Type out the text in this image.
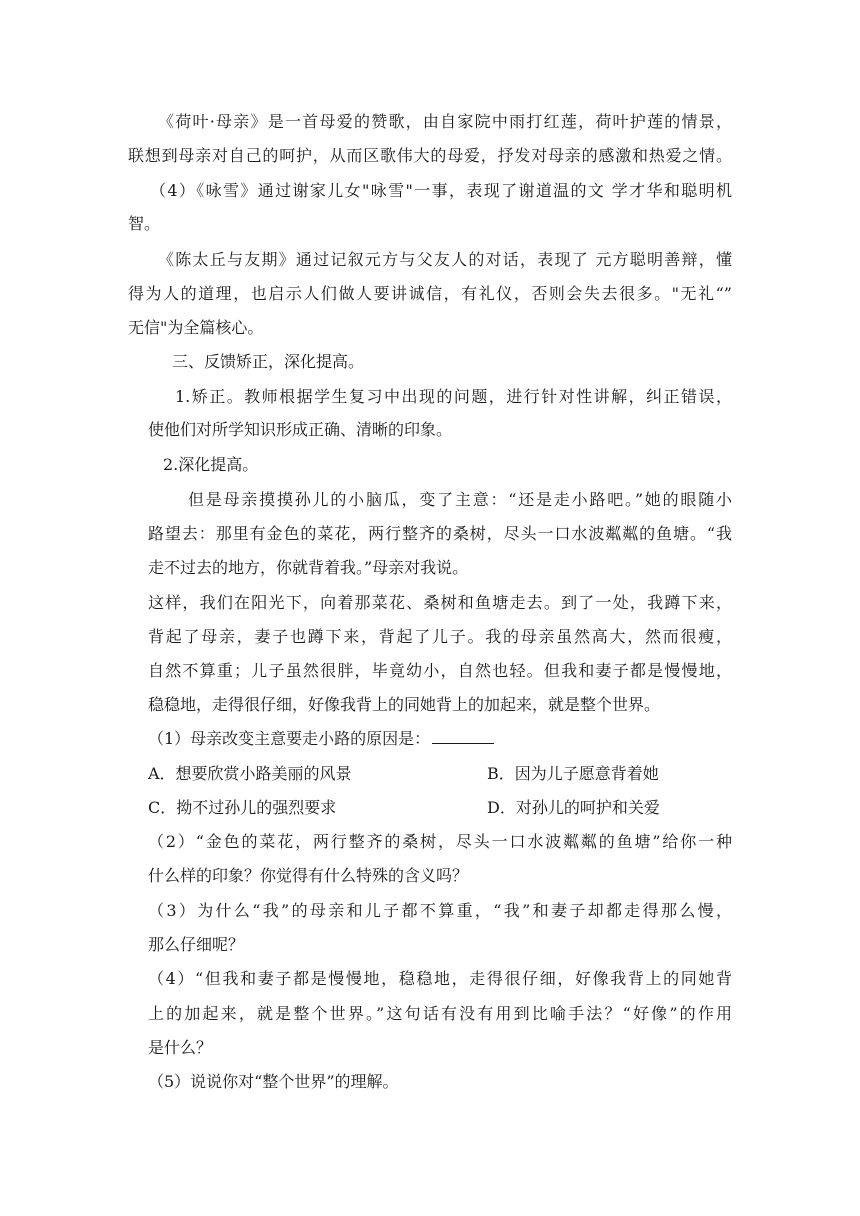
《荷叶·母亲》是一首母爱的赞歌，由自家院中雨打红莲，荷叶护莲的情景，
联想到母亲对自己的呵护，从而区歌伟大的母爱，抒发对母亲的感激和热爱之情。
（4）《咏雪》通过谢家儿女"咏雪"一事，表现了谢道温的文 学才华和聪明机
智。
《陈太丘与友期》通过记叙元方与父友人的对话，表现了 元方聪明善辩，懂
得为人的道理，也启示人们做人要讲诚信，有礼仪，否则会失去很多。"无礼“”
无信"为全篇核心。
三、反馈矫正，深化提高。
1.矫正。教师根据学生复习中出现的问题，进行针对性讲解，纠正错误，
使他们对所学知识形成正确、清晰的印象。
2.深化提高。
但是母亲摸摸孙儿的小脑瓜，变了主意：“还是走小路吧。”她的眼随小
路望去：那里有金色的菜花，两行整齐的桑树，尽头一口水波粼粼的鱼塘。“我
走不过去的地方，你就背着我。”母亲对我说。
这样，我们在阳光下，向着那菜花、桑树和鱼塘走去。到了一处，我蹲下来，
背起了母亲，妻子也蹲下来，背起了儿子。我的母亲虽然高大，然而很瘦，
自然不算重；儿子虽然很胖，毕竟幼小，自然也轻。但我和妻子都是慢慢地，
稳稳地，走得很仔细，好像我背上的同她背上的加起来，就是整个世界。
（1）母亲改变主意要走小路的原因是：
A．想要欣赏小路美丽的风景	B．因为儿子愿意背着她
C．拗不过孙儿的强烈要求	D．对孙儿的呵护和关爱
（2）“金色的菜花，两行整齐的桑树，尽头一口水波粼粼的鱼塘”给你一种
什么样的印象？你觉得有什么特殊的含义吗？
（3）为什么“我”的母亲和儿子都不算重，“我”和妻子却都走得那么慢，
那么仔细呢？
（4）“但我和妻子都是慢慢地，稳稳地，走得很仔细，好像我背上的同她背
上的加起来，就是整个世界。”这句话有没有用到比喻手法？“好像”的作用
是什么？
（5）说说你对“整个世界”的理解。
